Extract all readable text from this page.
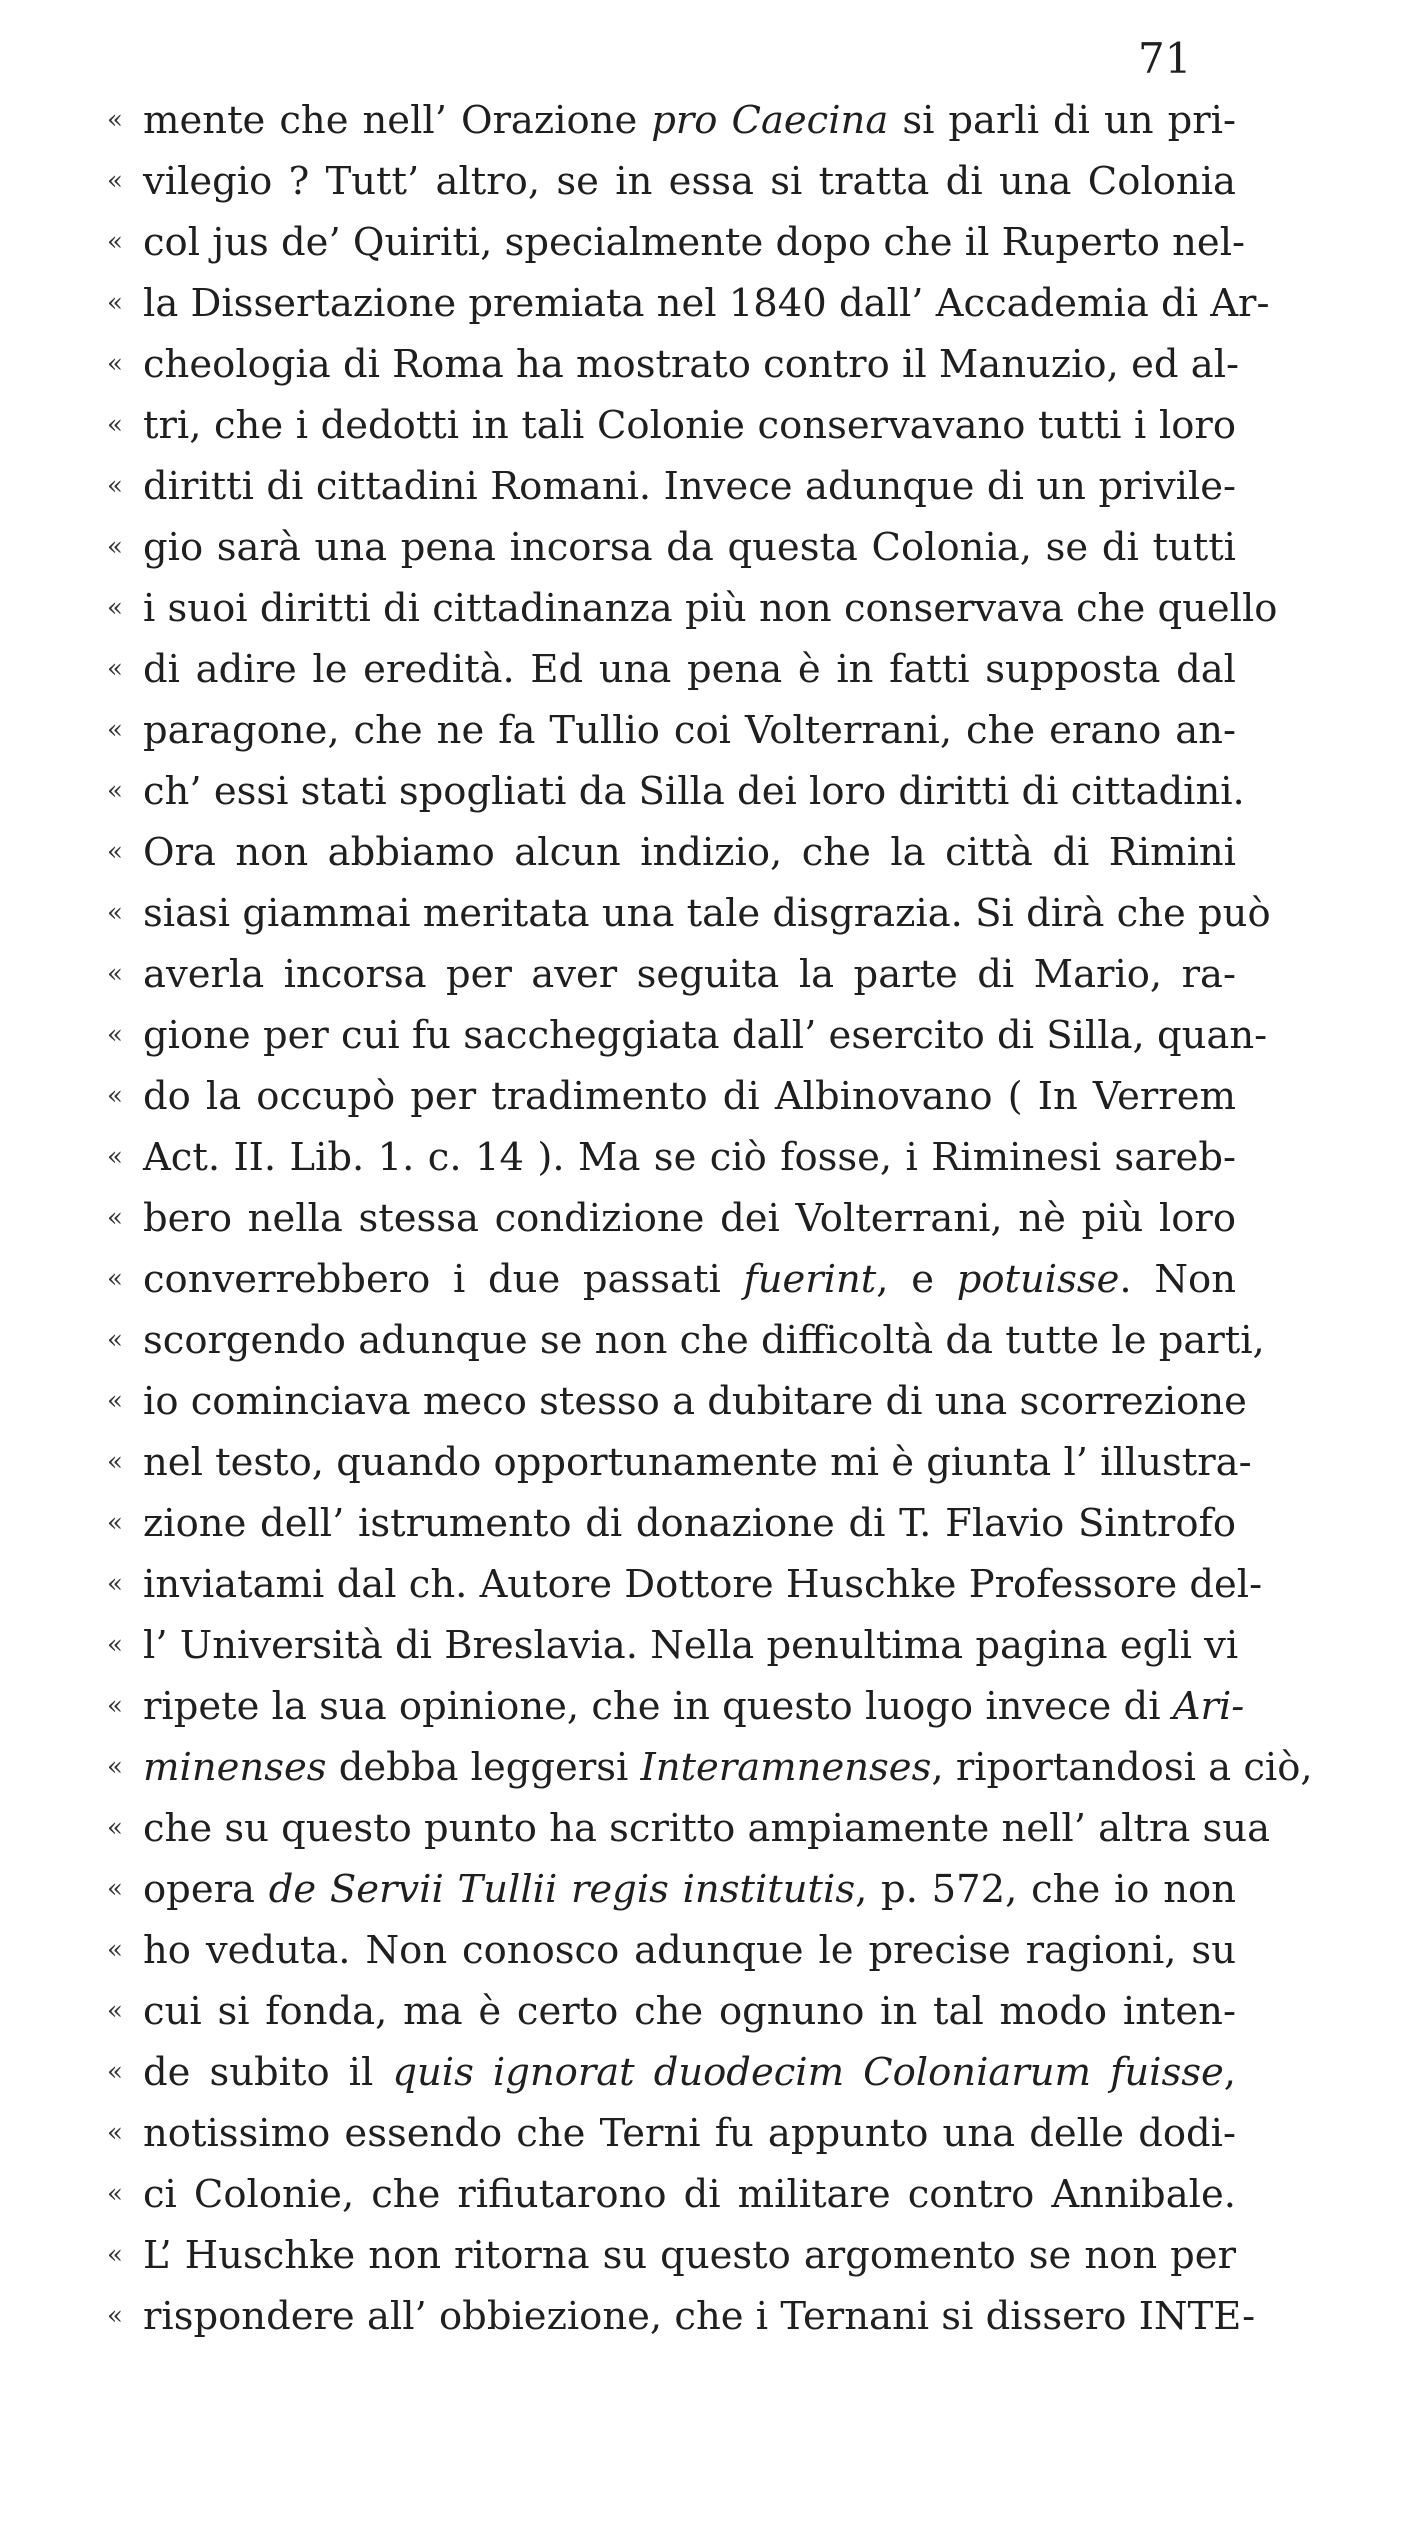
71
« mente che nell’ Orazione pro Caecina si parli di un pri-
« vilegio ? Tutt’ altro, se in essa si tratta di una Colonia
« col jus de’ Quiriti, specialmente dopo che il Ruperto nel-
« la Dissertazione premiata nel 1840 dall’ Accademia di Ar-
« cheologia di Roma ha mostrato contro il Manuzio, ed al-
« tri, che i dedotti in tali Colonie conservavano tutti i loro
« diritti di cittadini Romani. Invece adunque di un privile-
« gio sarà una pena incorsa da questa Colonia, se di tutti
« i suoi diritti di cittadinanza più non conservava che quello
« di adire le eredità. Ed una pena è in fatti supposta dal
« paragone, che ne fa Tullio coi Volterrani, che erano an-
« ch’ essi stati spogliati da Silla dei loro diritti di cittadini.
« Ora non abbiamo alcun indizio, che la città di Rimini
« siasi giammai meritata una tale disgrazia. Si dirà che può
« averla incorsa per aver seguita la parte di Mario, ra-
« gione per cui fu saccheggiata dall’ esercito di Silla, quan-
« do la occupò per tradimento di Albinovano ( In Verrem
« Act. II. Lib. 1. c. 14 ). Ma se ciò fosse, i Riminesi sareb-
« bero nella stessa condizione dei Volterrani, nè più loro
« converrebbero i due passati fuerint, e potuisse. Non
« scorgendo adunque se non che difficoltà da tutte le parti,
« io cominciava meco stesso a dubitare di una scorrezione
« nel testo, quando opportunamente mi è giunta l’ illustra-
« zione dell’ istrumento di donazione di T. Flavio Sintrofo
« inviatami dal ch. Autore Dottore Huschke Professore del-
« l’ Università di Breslavia. Nella penultima pagina egli vi
« ripete la sua opinione, che in questo luogo invece di Ari-
« minenses debba leggersi Interamnenses, riportandosi a ciò,
« che su questo punto ha scritto ampiamente nell’ altra sua
« opera de Servii Tullii regis institutis, p. 572, che io non
« ho veduta. Non conosco adunque le precise ragioni, su
« cui si fonda, ma è certo che ognuno in tal modo inten-
« de subito il quis ignorat duodecim Coloniarum fuisse,
« notissimo essendo che Terni fu appunto una delle dodi-
« ci Colonie, che rifiutarono di militare contro Annibale.
« L’ Huschke non ritorna su questo argomento se non per
« rispondere all’ obbiezione, che i Ternani si dissero INTE-
